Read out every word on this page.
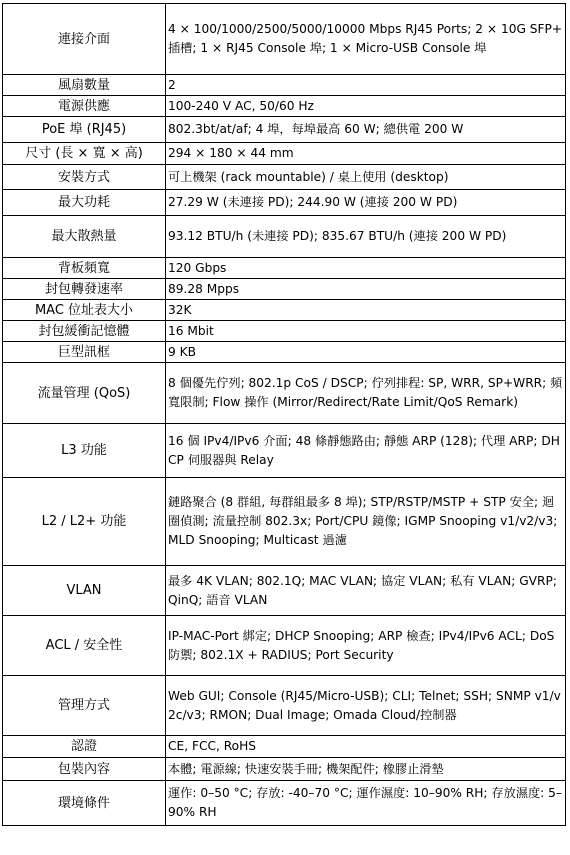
連接介面	4 × 100/1000/2500/5000/10000 Mbps RJ45 Ports; 2 × 10G SFP+ 插槽; 1 × RJ45 Console 埠; 1 × Micro-USB Console 埠
風扇數量	2
電源供應	100-240 V AC, 50/60 Hz
PoE 埠 (RJ45)	802.3bt/at/af; 4 埠，每埠最高 60 W; 總供電 200 W
尺寸 (長 × 寬 × 高)	294 × 180 × 44 mm
安裝方式	可上機架 (rack mountable) / 桌上使用 (desktop)
最大功耗	27.29 W (未連接 PD); 244.90 W (連接 200 W PD)
最大散熱量	93.12 BTU/h (未連接 PD); 835.67 BTU/h (連接 200 W PD)
背板頻寬	120 Gbps
封包轉發速率	89.28 Mpps
MAC 位址表大小	32K
封包緩衝記憶體	16 Mbit
巨型訊框	9 KB
流量管理 (QoS)	8 個優先佇列; 802.1p CoS / DSCP; 佇列排程: SP, WRR, SP+WRR; 頻寬限制; Flow 操作 (Mirror/Redirect/Rate Limit/QoS Remark)
L3 功能	16 個 IPv4/IPv6 介面; 48 條靜態路由; 靜態 ARP (128); 代理 ARP; DHCP 伺服器與 Relay
L2 / L2+ 功能	鏈路聚合 (8 群組, 每群組最多 8 埠); STP/RSTP/MSTP + STP 安全; 迴圈偵測; 流量控制 802.3x; Port/CPU 鏡像; IGMP Snooping v1/v2/v3; MLD Snooping; Multicast 過濾
VLAN	最多 4K VLAN; 802.1Q; MAC VLAN; 協定 VLAN; 私有 VLAN; GVRP; QinQ; 語音 VLAN
ACL / 安全性	IP-MAC-Port 綁定; DHCP Snooping; ARP 檢查; IPv4/IPv6 ACL; DoS 防禦; 802.1X + RADIUS; Port Security
管理方式	Web GUI; Console (RJ45/Micro-USB); CLI; Telnet; SSH; SNMP v1/v2c/v3; RMON; Dual Image; Omada Cloud/控制器
認證	CE, FCC, RoHS
包裝內容	本體; 電源線; 快速安裝手冊; 機架配件; 橡膠止滑墊
環境條件	運作: 0–50 °C; 存放: -40–70 °C; 運作濕度: 10–90% RH; 存放濕度: 5–90% RH
